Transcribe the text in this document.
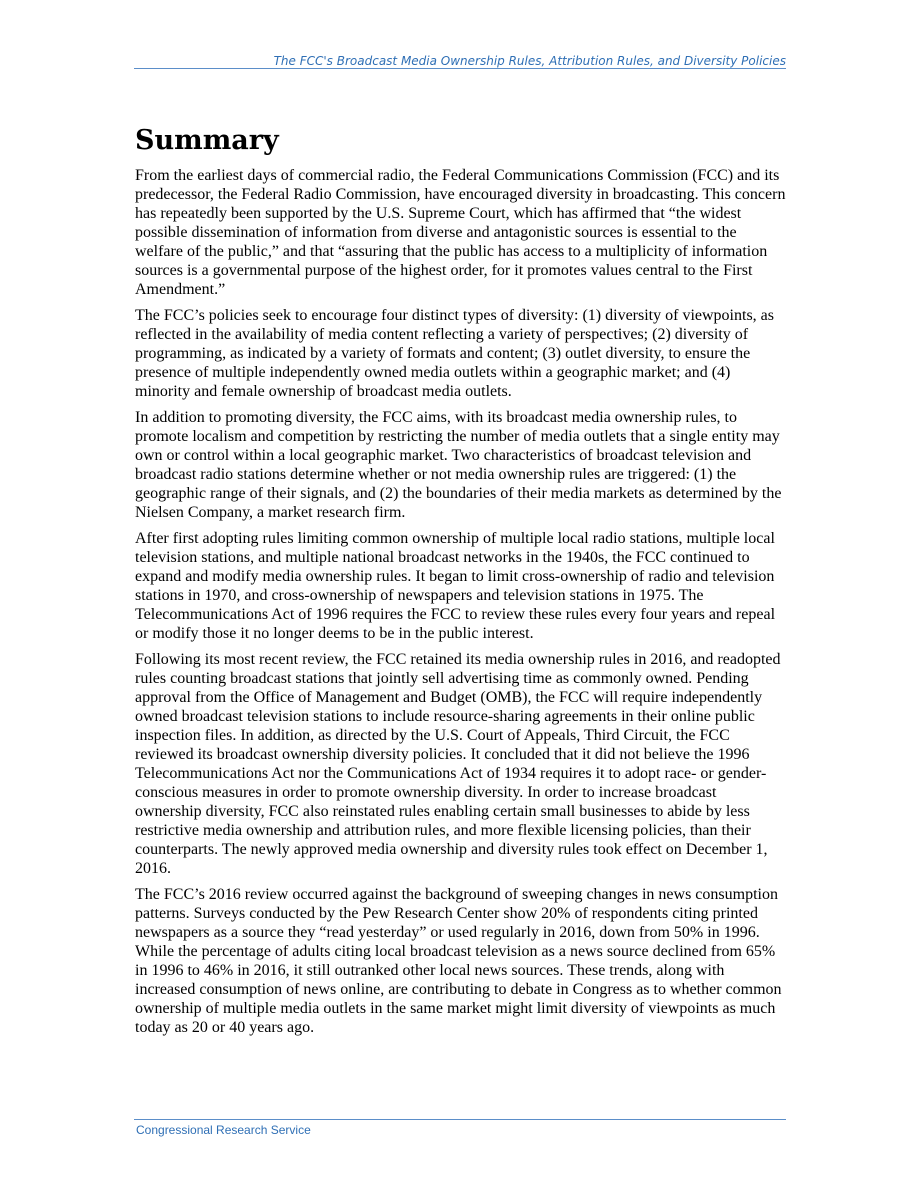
The FCC's Broadcast Media Ownership Rules, Attribution Rules, and Diversity Policies
Summary

From the earliest days of commercial radio, the Federal Communications Commission (FCC) and its predecessor, the Federal Radio Commission, have encouraged diversity in broadcasting. This concern has repeatedly been supported by the U.S. Supreme Court, which has affirmed that “the widest possible dissemination of information from diverse and antagonistic sources is essential to the welfare of the public,” and that “assuring that the public has access to a multiplicity of information sources is a governmental purpose of the highest order, for it promotes values central to the First Amendment.”

The FCC’s policies seek to encourage four distinct types of diversity: (1) diversity of viewpoints, as reflected in the availability of media content reflecting a variety of perspectives; (2) diversity of programming, as indicated by a variety of formats and content; (3) outlet diversity, to ensure the presence of multiple independently owned media outlets within a geographic market; and (4) minority and female ownership of broadcast media outlets.

In addition to promoting diversity, the FCC aims, with its broadcast media ownership rules, to promote localism and competition by restricting the number of media outlets that a single entity may own or control within a local geographic market. Two characteristics of broadcast television and broadcast radio stations determine whether or not media ownership rules are triggered: (1) the geographic range of their signals, and (2) the boundaries of their media markets as determined by the Nielsen Company, a market research firm.

After first adopting rules limiting common ownership of multiple local radio stations, multiple local television stations, and multiple national broadcast networks in the 1940s, the FCC continued to expand and modify media ownership rules. It began to limit cross-ownership of radio and television stations in 1970, and cross-ownership of newspapers and television stations in 1975. The Telecommunications Act of 1996 requires the FCC to review these rules every four years and repeal or modify those it no longer deems to be in the public interest.

Following its most recent review, the FCC retained its media ownership rules in 2016, and readopted rules counting broadcast stations that jointly sell advertising time as commonly owned. Pending approval from the Office of Management and Budget (OMB), the FCC will require independently owned broadcast television stations to include resource-sharing agreements in their online public inspection files. In addition, as directed by the U.S. Court of Appeals, Third Circuit, the FCC reviewed its broadcast ownership diversity policies. It concluded that it did not believe the 1996 Telecommunications Act nor the Communications Act of 1934 requires it to adopt race- or gender-conscious measures in order to promote ownership diversity. In order to increase broadcast ownership diversity, FCC also reinstated rules enabling certain small businesses to abide by less restrictive media ownership and attribution rules, and more flexible licensing policies, than their counterparts. The newly approved media ownership and diversity rules took effect on December 1, 2016.

The FCC’s 2016 review occurred against the background of sweeping changes in news consumption patterns. Surveys conducted by the Pew Research Center show 20% of respondents citing printed newspapers as a source they “read yesterday” or used regularly in 2016, down from 50% in 1996. While the percentage of adults citing local broadcast television as a news source declined from 65% in 1996 to 46% in 2016, it still outranked other local news sources. These trends, along with increased consumption of news online, are contributing to debate in Congress as to whether common ownership of multiple media outlets in the same market might limit diversity of viewpoints as much today as 20 or 40 years ago.

Congressional Research Service
